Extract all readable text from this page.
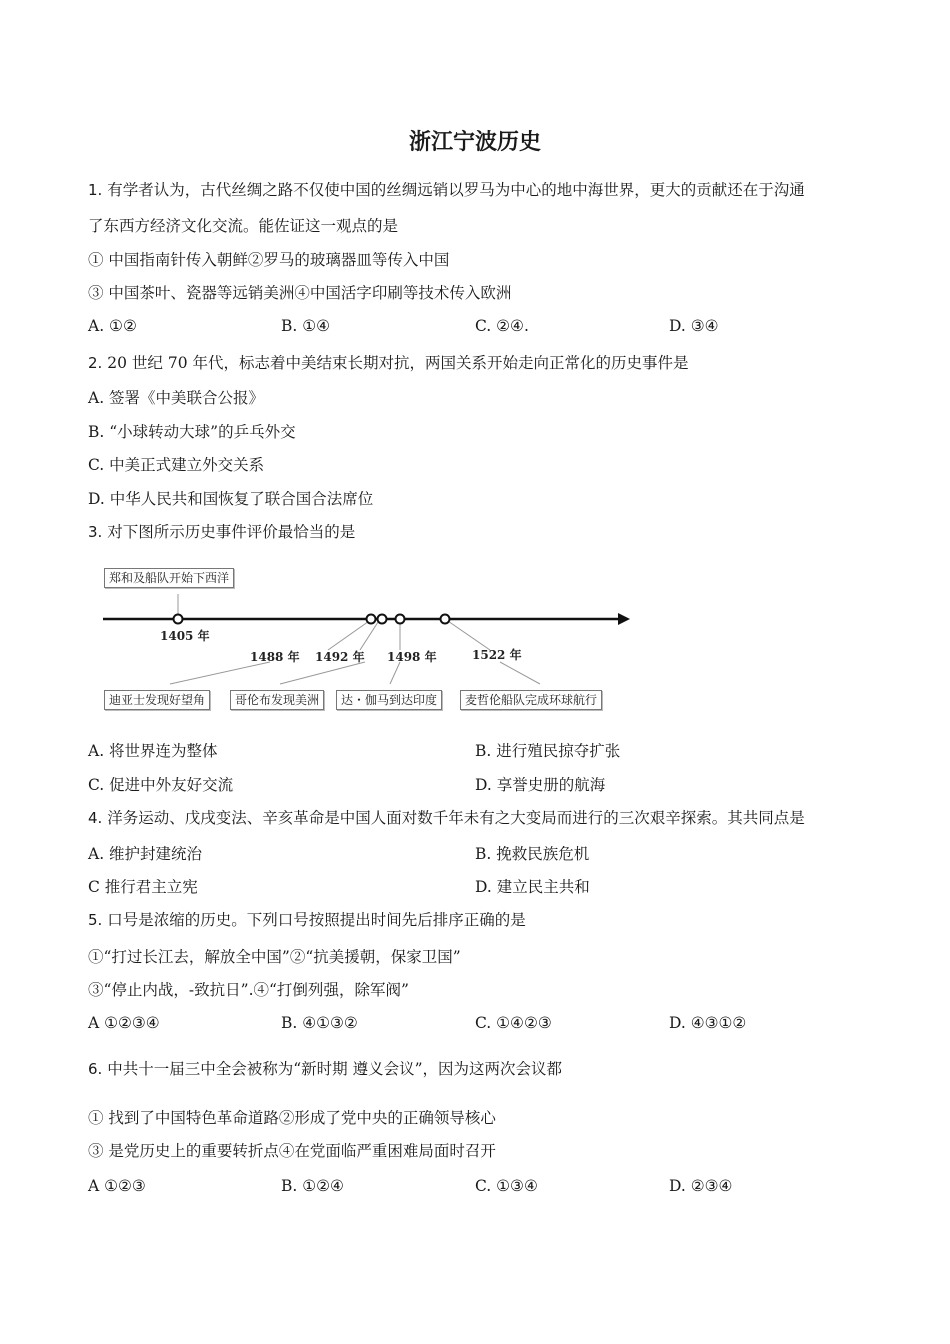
浙江宁波历史
1. 有学者认为，古代丝绸之路不仅使中国的丝绸远销以罗马为中心的地中海世界，更大的贡献还在于沟通
了东西方经济文化交流。能佐证这一观点的是
① 中国指南针传入朝鲜②罗马的玻璃器皿等传入中国
③ 中国茶叶、瓷器等远销美洲④中国活字印刷等技术传入欧洲
A. ①②	B. ①④	C. ②④.	D. ③④
2. 20 世纪 70 年代，标志着中美结束长期对抗，两国关系开始走向正常化的历史事件是
A. 签署《中美联合公报》
B. “小球转动大球”的乒乓外交
C. 中美正式建立外交关系
D. 中华人民共和国恢复了联合国合法席位
3. 对下图所示历史事件评价最恰当的是
郑和及船队开始下西洋
1405 年
1488 年 1492 年 1498 年	1522 年
迪亚士发现好望角	哥伦布发现美洲	达・伽马到达印度	麦哲伦船队完成环球航行
A. 将世界连为整体	B. 进行殖民掠夺扩张
C. 促进中外友好交流	D. 享誉史册的航海
4. 洋务运动、戊戌变法、辛亥革命是中国人面对数千年未有之大变局而进行的三次艰辛探索。其共同点是
A. 维护封建统治	B. 挽救民族危机
C 推行君主立宪	D. 建立民主共和
5. 口号是浓缩的历史。下列口号按照提出时间先后排序正确的是
①“打过长江去，解放全中国”②“抗美援朝，保家卫国”
③“停止内战，-致抗日”.④“打倒列强，除军阀”
A ①②③④	B. ④①③②	C. ①④②③	D. ④③①②
6. 中共十一届三中全会被称为“新时期 遵义会议”，因为这两次会议都
① 找到了中国特色革命道路②形成了党中央的正确领导核心
③ 是党历史上的重要转折点④在党面临严重困难局面时召开
A ①②③	B. ①②④	C. ①③④	D. ②③④
